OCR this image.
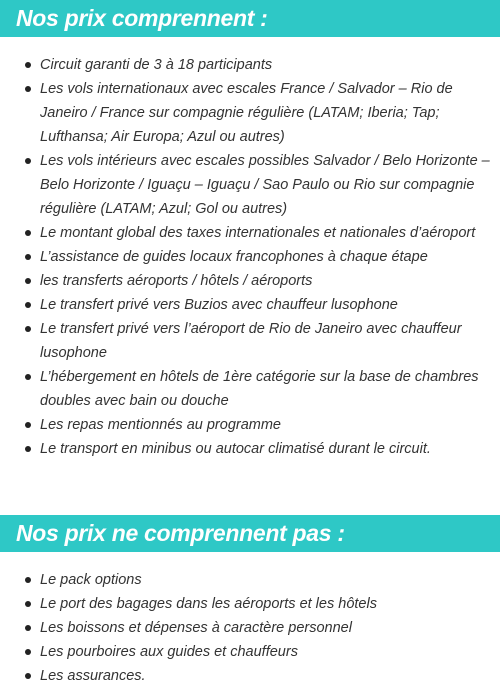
Nos prix comprennent :
Circuit garanti de 3 à 18 participants
Les vols internationaux avec escales France / Salvador – Rio de Janeiro / France sur compagnie régulière (LATAM; Iberia; Tap; Lufthansa; Air Europa; Azul ou autres)
Les vols intérieurs avec escales possibles Salvador / Belo Horizonte – Belo Horizonte / Iguaçu – Iguaçu / Sao Paulo ou Rio sur compagnie régulière (LATAM; Azul; Gol ou autres)
Le montant global des taxes internationales et nationales d’aéroport
L’assistance de guides locaux francophones à chaque étape
les transferts aéroports / hôtels / aéroports
Le transfert privé vers Buzios avec chauffeur lusophone
Le transfert privé vers l’aéroport de Rio de Janeiro avec chauffeur lusophone
L’hébergement en hôtels de 1ère catégorie sur la base de chambres doubles avec bain ou douche
Les repas mentionnés au programme
Le transport en minibus ou autocar climatisé durant le circuit.
Nos prix ne comprennent pas :
Le pack options
Le port des bagages dans les aéroports et les hôtels
Les boissons et dépenses à caractère personnel
Les pourboires aux guides et chauffeurs
Les assurances.
